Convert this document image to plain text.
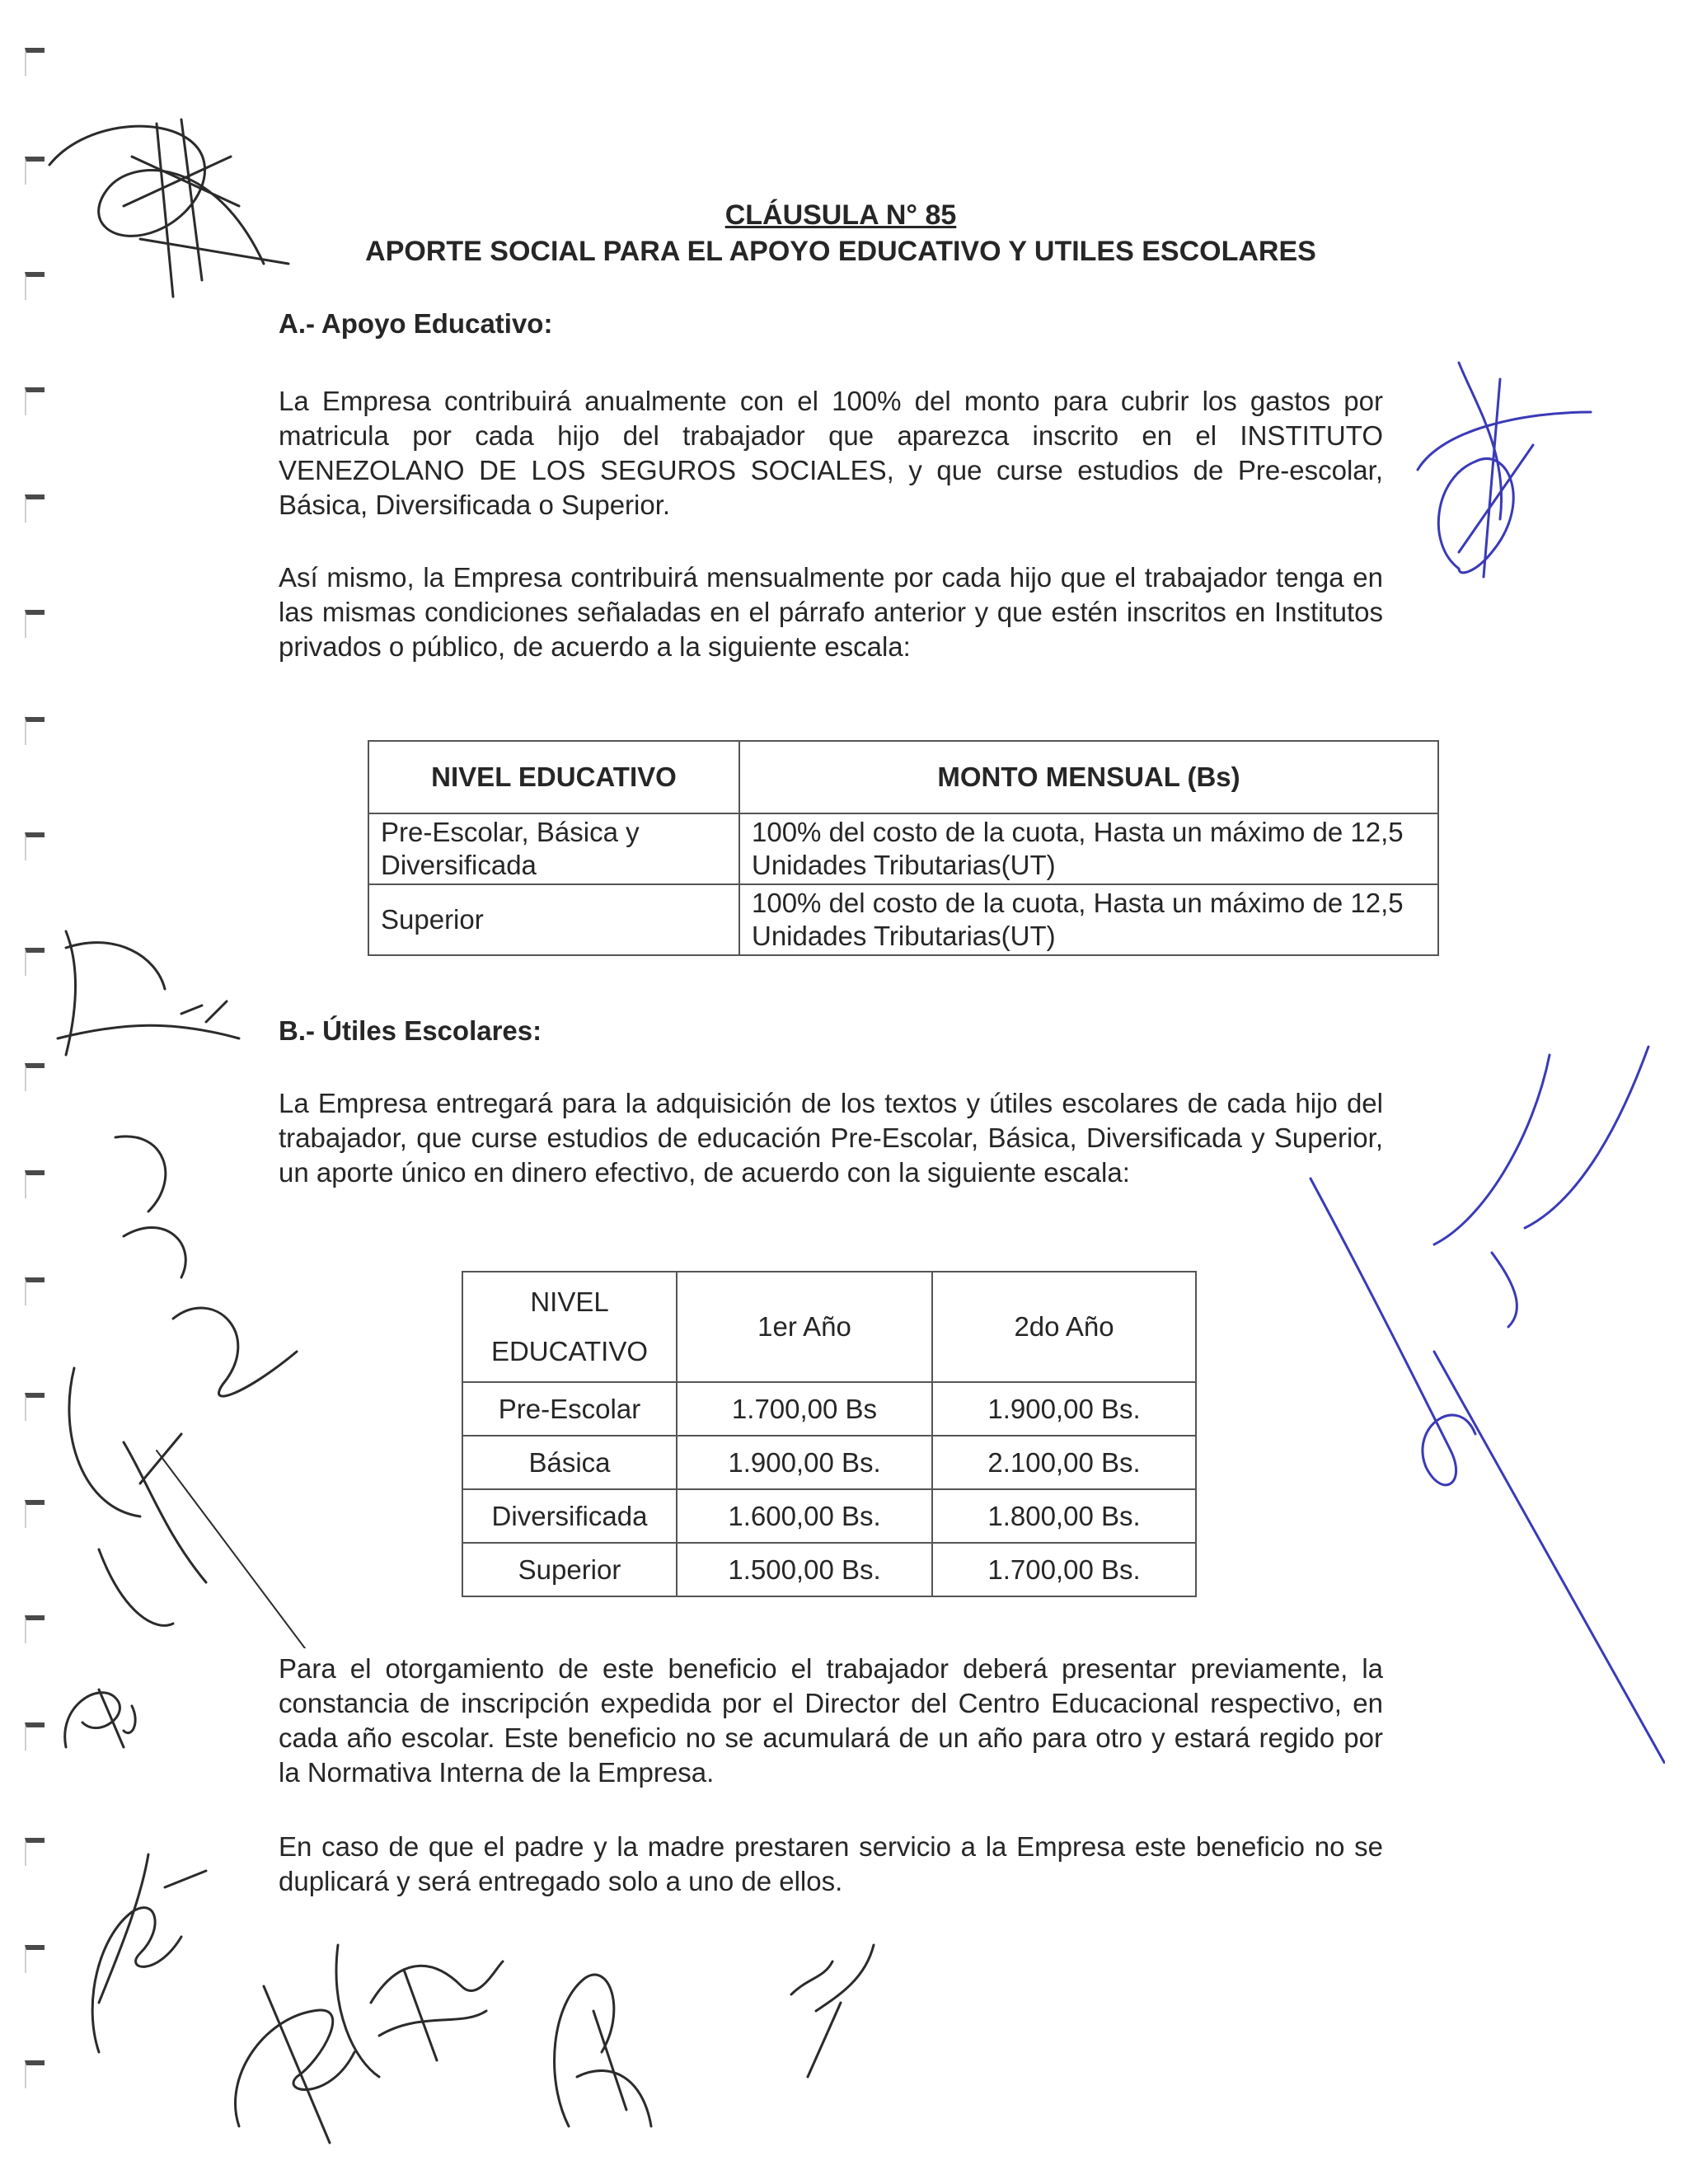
CLÁUSULA N° 85
APORTE SOCIAL PARA EL APOYO EDUCATIVO Y UTILES ESCOLARES
A.- Apoyo Educativo:

La Empresa contribuirá anualmente con el 100% del monto para cubrir los gastos por matricula por cada hijo del trabajador que aparezca inscrito en el INSTITUTO VENEZOLANO DE LOS SEGUROS SOCIALES, y que curse estudios de Pre-escolar, Básica, Diversificada o Superior.

Así mismo, la Empresa contribuirá mensualmente por cada hijo que el trabajador tenga en las mismas condiciones señaladas en el párrafo anterior y que estén inscritos en Institutos privados o público, de acuerdo a la siguiente escala:

NIVEL EDUCATIVO	MONTO MENSUAL (Bs)
Pre-Escolar, Básica y Diversificada	100% del costo de la cuota, Hasta un máximo de 12,5 Unidades Tributarias(UT)
Superior	100% del costo de la cuota, Hasta un máximo de 12,5 Unidades Tributarias(UT)
B.- Útiles Escolares:

La Empresa entregará para la adquisición de los textos y útiles escolares de cada hijo del trabajador, que curse estudios de educación Pre-Escolar, Básica, Diversificada y Superior, un aporte único en dinero efectivo, de acuerdo con la siguiente escala:

NIVEL EDUCATIVO	1er Año	2do Año
Pre-Escolar	1.700,00 Bs	1.900,00 Bs.
Básica	1.900,00 Bs.	2.100,00 Bs.
Diversificada	1.600,00 Bs.	1.800,00 Bs.
Superior	1.500,00 Bs.	1.700,00 Bs.

Para el otorgamiento de este beneficio el trabajador deberá presentar previamente, la constancia de inscripción expedida por el Director del Centro Educacional respectivo, en cada año escolar. Este beneficio no se acumulará de un año para otro y estará regido por la Normativa Interna de la Empresa.

En caso de que el padre y la madre prestaren servicio a la Empresa este beneficio no se duplicará y será entregado solo a uno de ellos.
